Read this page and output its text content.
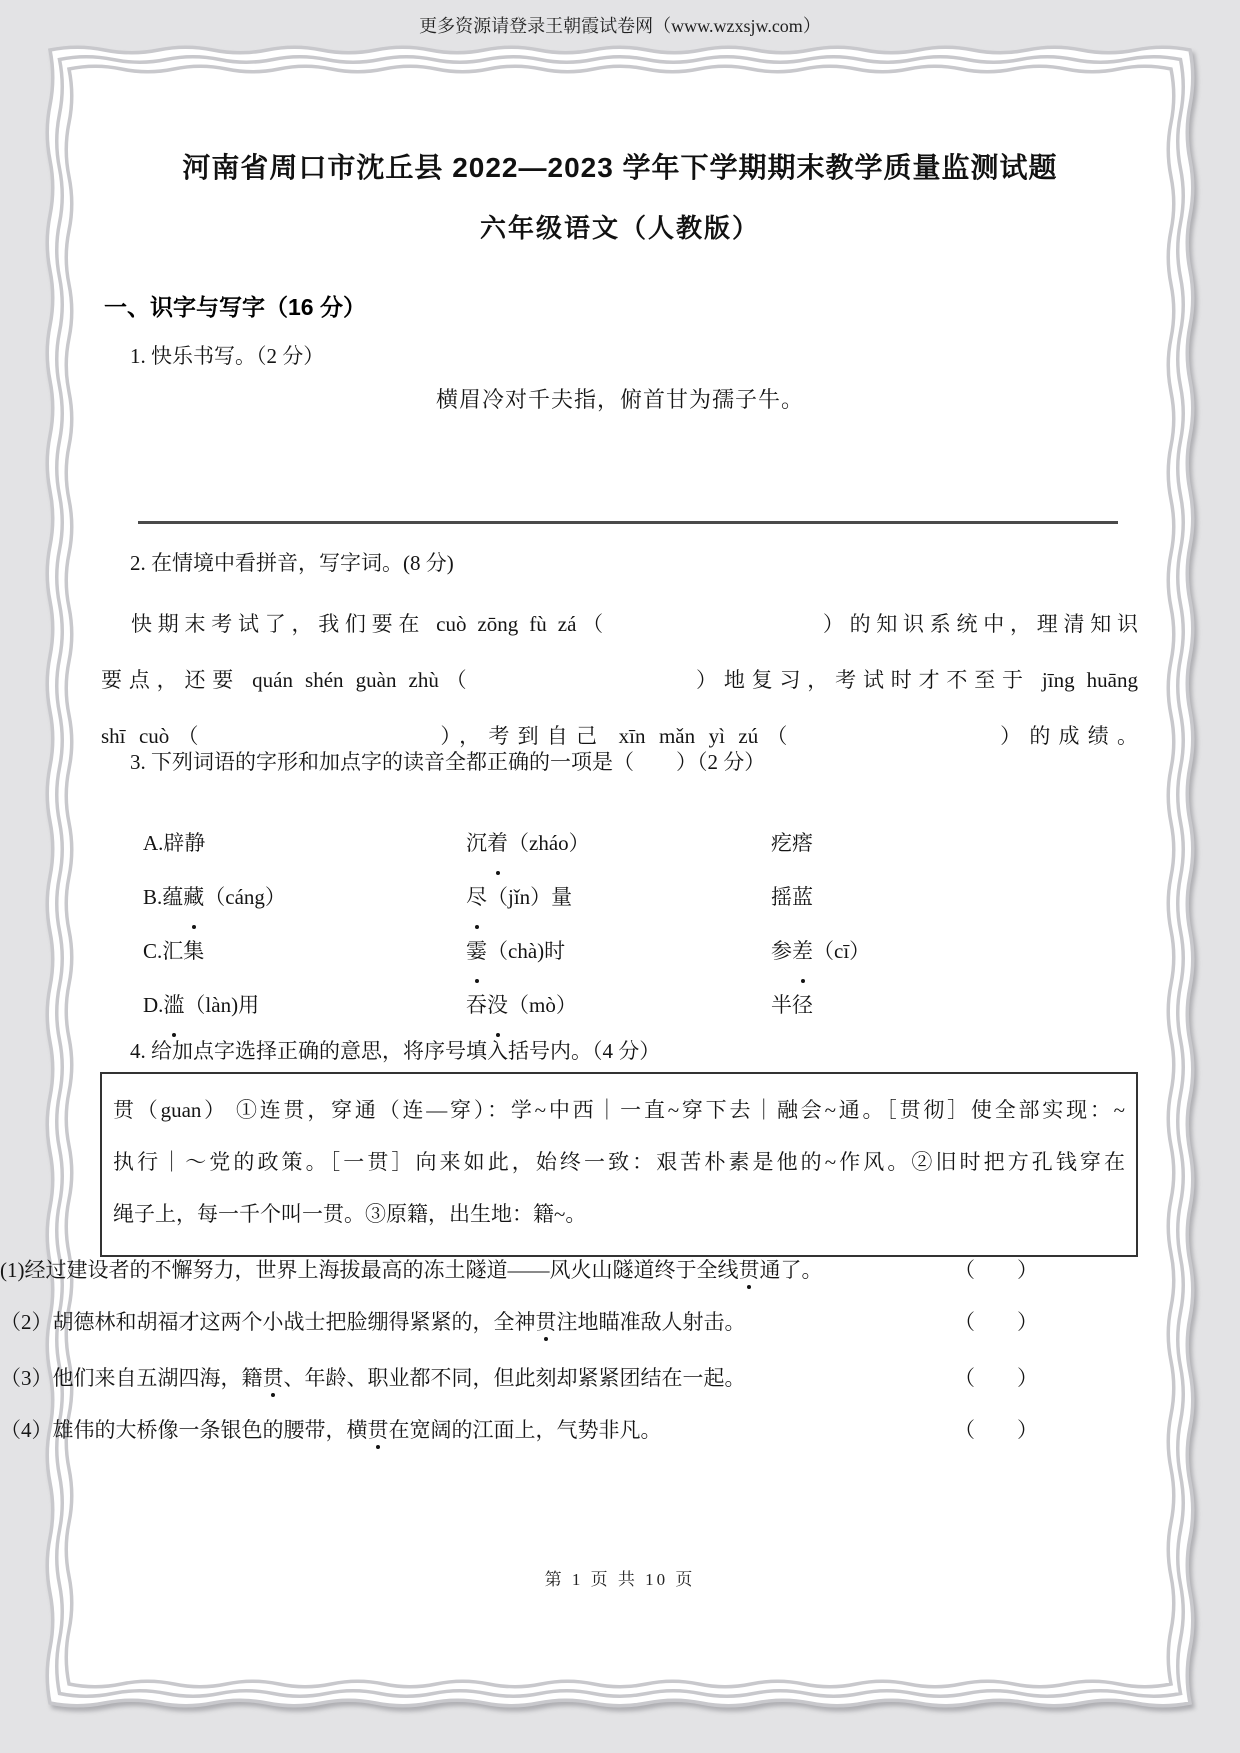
更多资源请登录王朝霞试卷网（www.wzxsjw.com）
河南省周口市沈丘县 2022—2023 学年下学期期末教学质量监测试题
六年级语文（人教版）
一、识字与写字（16 分）
1. 快乐书写。（2 分）
横眉冷对千夫指，俯首甘为孺子牛。
2. 在情境中看拼音，写字词。(8 分)
快期末考试了，我们要在 cuò zōng fù zá（　　　　　　　　）的知识系统中，理清知识
要点，还要 quán shén guàn zhù（　　　　　　　　）地复习，考试时才不至于 jīng huāng
shī cuò（　　　　　　　　），考到自己 xīn mǎn yì zú（　　　　　　　）的成绩。
3. 下列词语的字形和加点字的读音全都正确的一项是（　　）（2 分）
A.辟静	沉着（zháo）	疙瘩
B.蕴藏（cáng）	尽（jǐn）量	摇蓝
C.汇集	霎（chà)时	参差（cī）
D.滥（làn)用	吞没（mò）	半径
4. 给加点字选择正确的意思，将序号填入括号内。（4 分）
贯（guan） ①连贯，穿通（连—穿）：学~中西｜一直~穿下去｜融会~通。［贯彻］使全部实现：~
执行｜～党的政策。［一贯］向来如此，始终一致：艰苦朴素是他的~作风。②旧时把方孔钱穿在
绳子上，每一千个叫一贯。③原籍，出生地：籍~。
(1)经过建设者的不懈努力，世界上海拔最高的冻土隧道——风火山隧道终于全线贯通了。	（　　）
（2）胡德林和胡福才这两个小战士把脸绷得紧紧的，全神贯注地瞄准敌人射击。	（　　）
（3）他们来自五湖四海，籍贯、年龄、职业都不同，但此刻却紧紧团结在一起。	（　　）
（4）雄伟的大桥像一条银色的腰带，横贯在宽阔的江面上，气势非凡。	（　　）
第 1 页 共 10 页
